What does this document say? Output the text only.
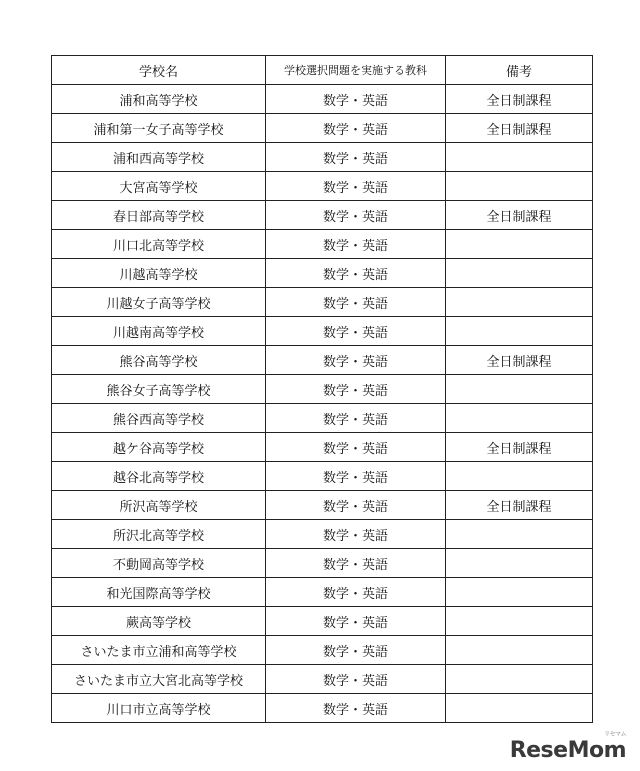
学校名	学校選択問題を実施する教科	備考
浦和高等学校	数学・英語	全日制課程
浦和第一女子高等学校	数学・英語	全日制課程
浦和西高等学校	数学・英語	
大宮高等学校	数学・英語	
春日部高等学校	数学・英語	全日制課程
川口北高等学校	数学・英語	
川越高等学校	数学・英語	
川越女子高等学校	数学・英語	
川越南高等学校	数学・英語	
熊谷高等学校	数学・英語	全日制課程
熊谷女子高等学校	数学・英語	
熊谷西高等学校	数学・英語	
越ケ谷高等学校	数学・英語	全日制課程
越谷北高等学校	数学・英語	
所沢高等学校	数学・英語	全日制課程
所沢北高等学校	数学・英語	
不動岡高等学校	数学・英語	
和光国際高等学校	数学・英語	
蕨高等学校	数学・英語	
さいたま市立浦和高等学校	数学・英語	
さいたま市立大宮北高等学校	数学・英語	
川口市立高等学校	数学・英語	
ReseMom
リセマム
